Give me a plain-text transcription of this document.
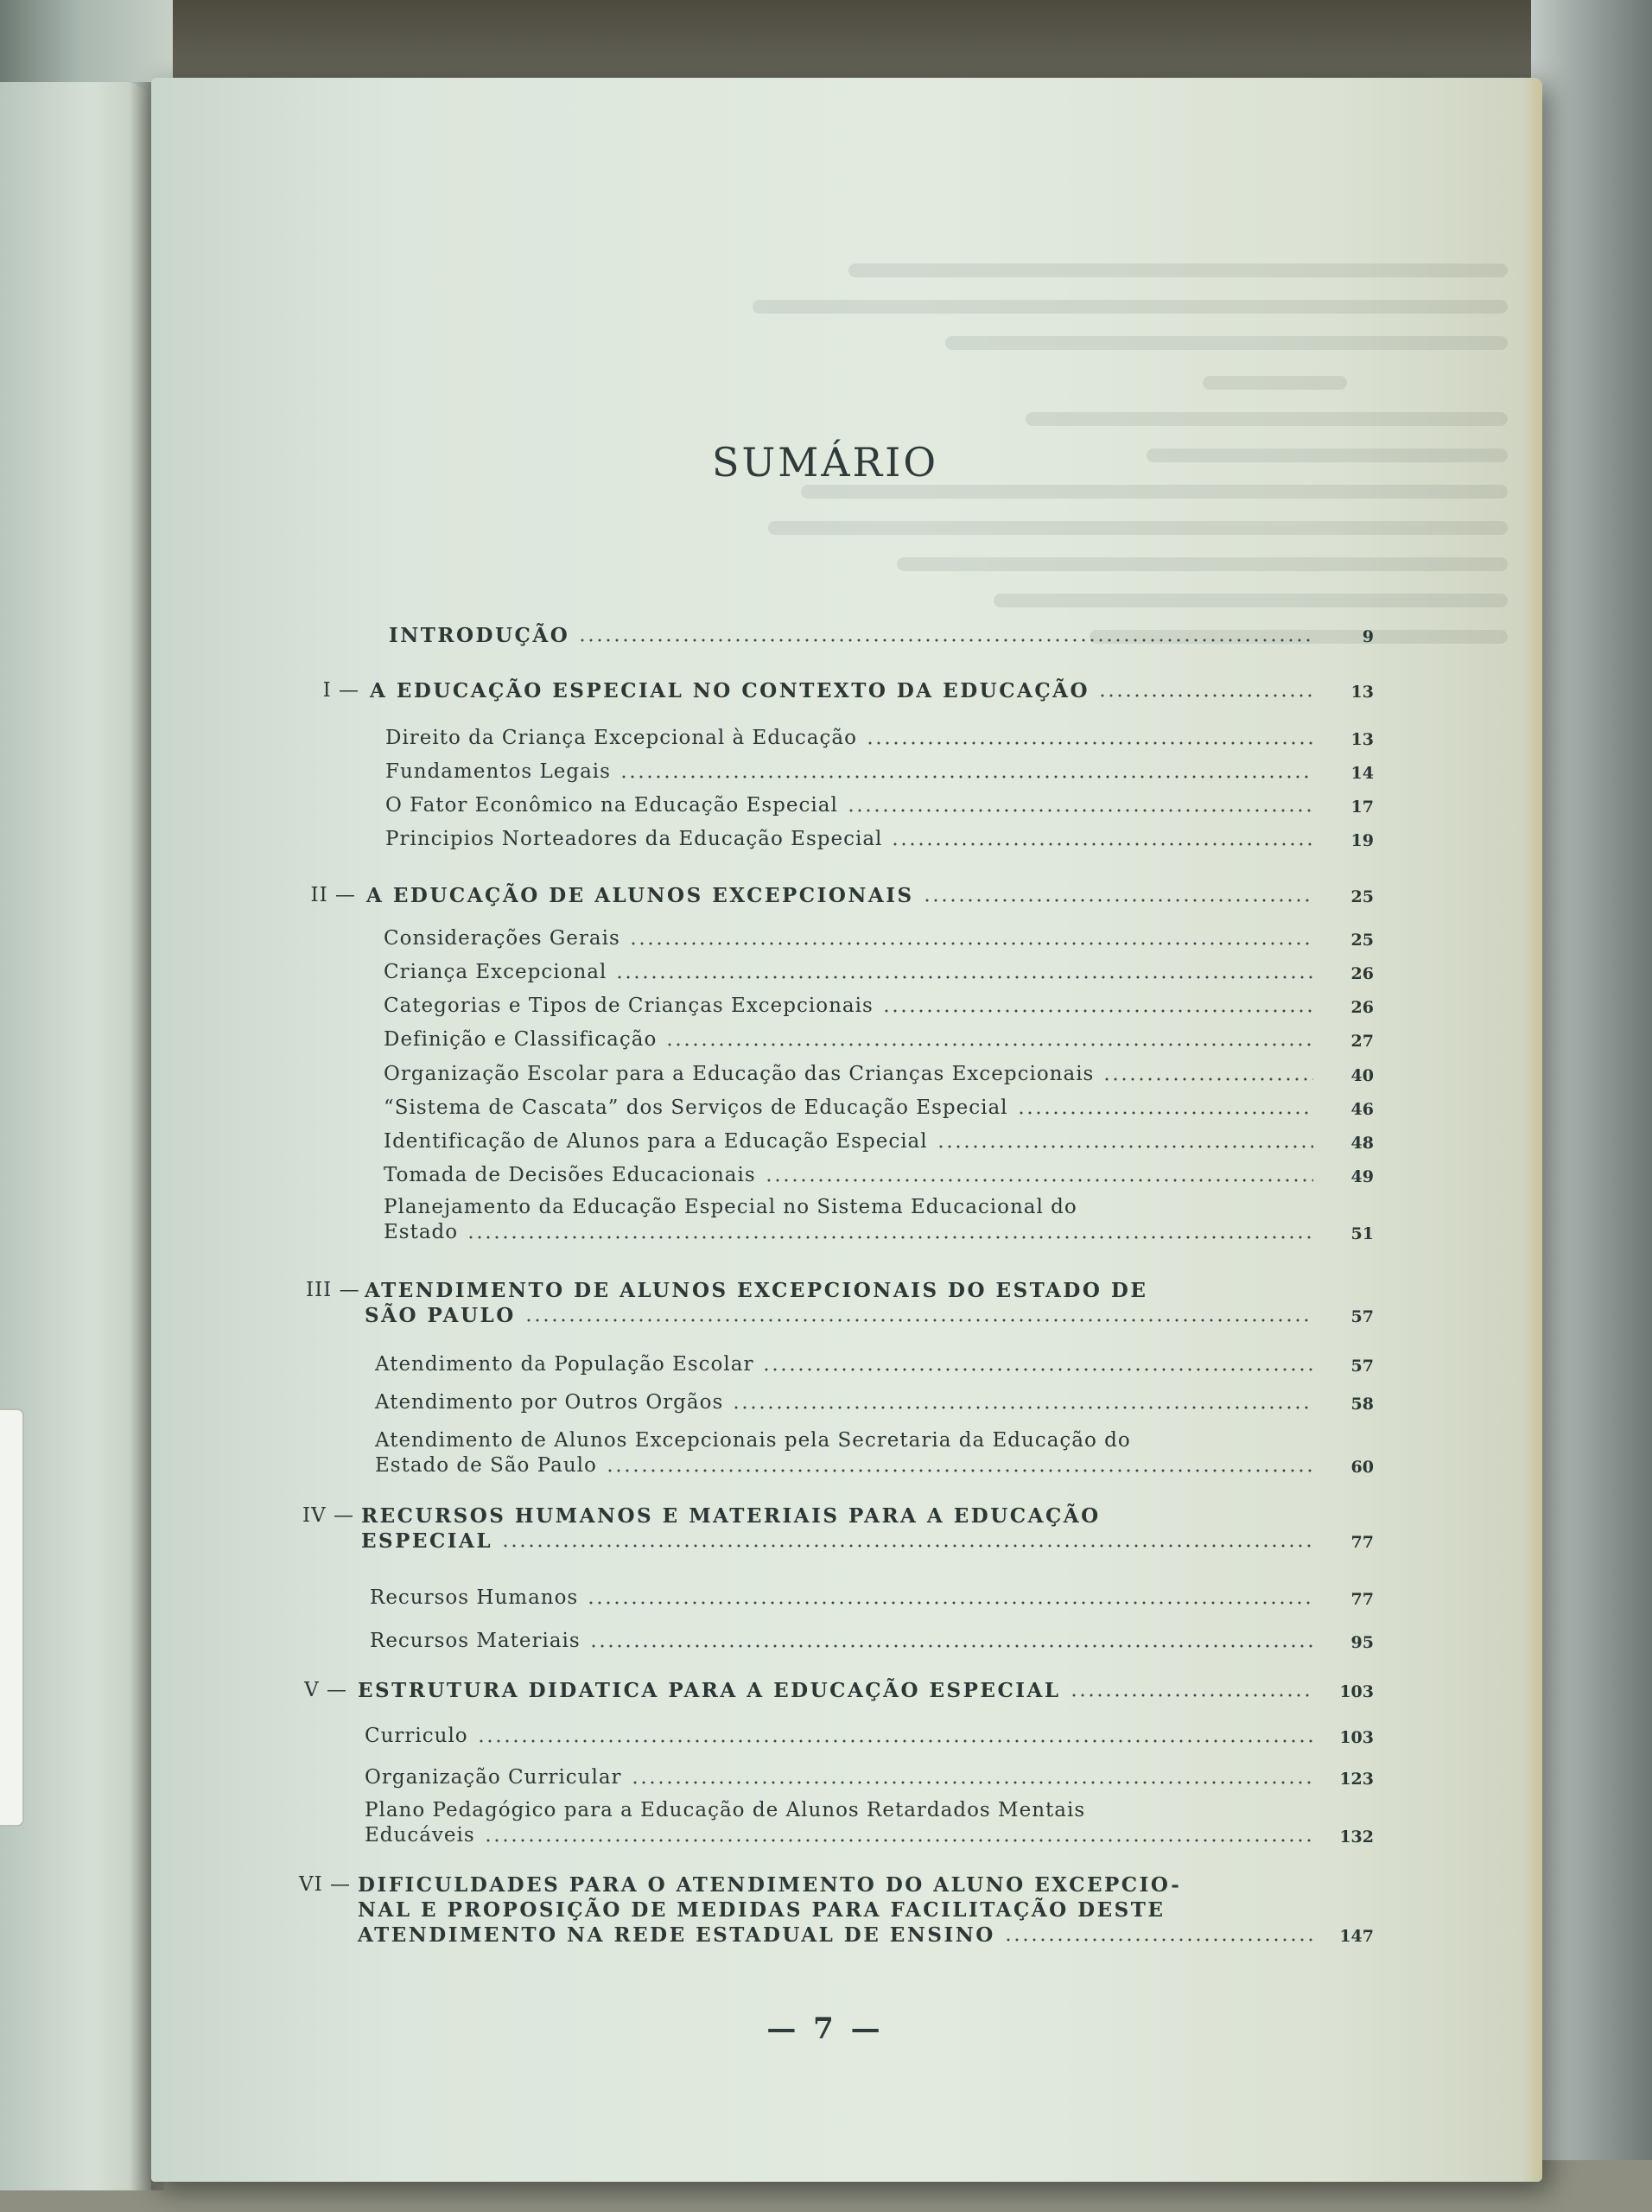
SUMÁRIO
INTRODUÇÃO	9
I — A EDUCAÇÃO ESPECIAL NO CONTEXTO DA EDUCAÇÃO	13
Direito da Criança Excepcional à Educação	13
Fundamentos Legais	14
O Fator Econômico na Educação Especial	17
Principios Norteadores da Educação Especial	19
II — A EDUCAÇÃO DE ALUNOS EXCEPCIONAIS	25
Considerações Gerais	25
Criança Excepcional	26
Categorias e Tipos de Crianças Excepcionais	26
Definição e Classificação	27
Organização Escolar para a Educação das Crianças Excepcionais	40
“Sistema de Cascata” dos Serviços de Educação Especial	46
Identificação de Alunos para a Educação Especial	48
Tomada de Decisões Educacionais	49
Planejamento da Educação Especial no Sistema Educacional do
Estado	51
III — ATENDIMENTO DE ALUNOS EXCEPCIONAIS DO ESTADO DE
SÃO PAULO	57
Atendimento da População Escolar	57
Atendimento por Outros Orgãos	58
Atendimento de Alunos Excepcionais pela Secretaria da Educação do
Estado de São Paulo	60
IV — RECURSOS HUMANOS E MATERIAIS PARA A EDUCAÇÃO
ESPECIAL	77
Recursos Humanos	77
Recursos Materiais	95
V — ESTRUTURA DIDATICA PARA A EDUCAÇÃO ESPECIAL	103
Curriculo	103
Organização Curricular	123
Plano Pedagógico para a Educação de Alunos Retardados Mentais
Educáveis	132
VI — DIFICULDADES PARA O ATENDIMENTO DO ALUNO EXCEPCIO-
NAL E PROPOSIÇÃO DE MEDIDAS PARA FACILITAÇÃO DESTE
ATENDIMENTO NA REDE ESTADUAL DE ENSINO	147
— 7 —
